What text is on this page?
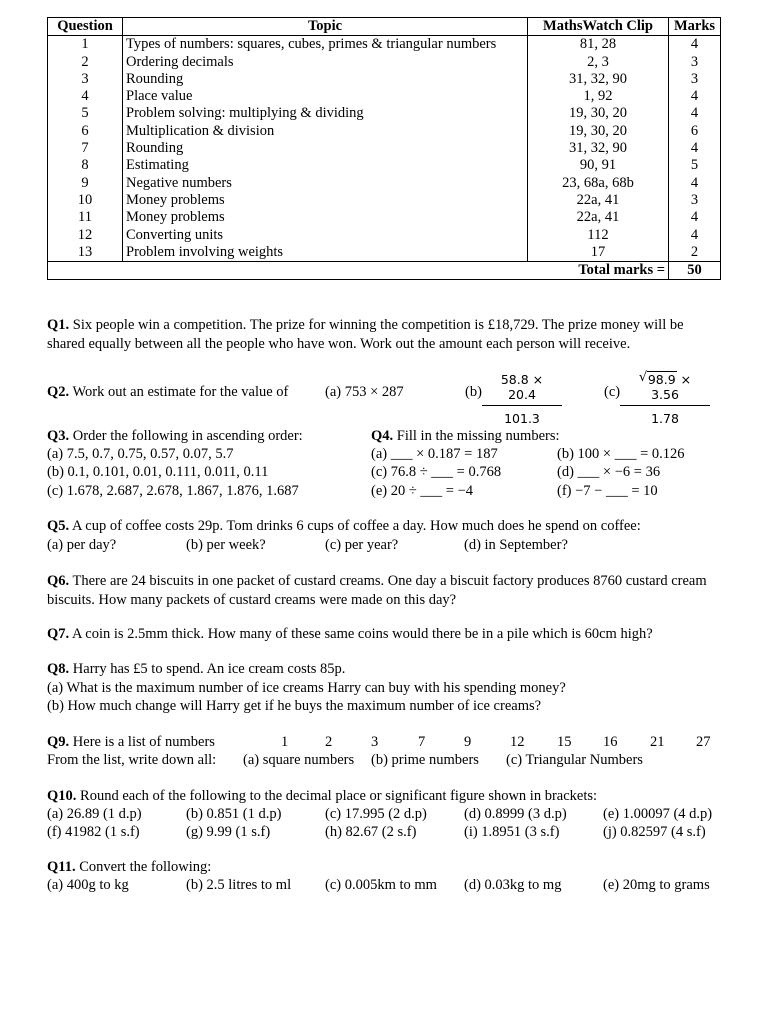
Question	Topic	MathsWatch Clip	Marks
1	Types of numbers: squares, cubes, primes & triangular numbers	81, 28	4
2	Ordering decimals	2, 3	3
3	Rounding	31, 32, 90	3
4	Place value	1, 92	4
5	Problem solving: multiplying & dividing	19, 30, 20	4
6	Multiplication & division	19, 30, 20	6
7	Rounding	31, 32, 90	4
8	Estimating	90, 91	5
9	Negative numbers	23, 68a, 68b	4
10	Money problems	22a, 41	3
11	Money problems	22a, 41	4
12	Converting units	112	4
13	Problem involving weights	17	2
		Total marks =	50
Q1. Six people win a competition. The prize for winning the competition is £18,729. The prize money will be shared equally between all the people who have won. Work out the amount each person will receive.
Q2. Work out an estimate for the value of	(a) 753 × 287	$(b) \frac{58.8 \times 20.4}{101.3}$	$(c) \frac{√ 98.9 \times 3.56}{1.78}$
Q3. Order the following in ascending order:
(a) 7.5, 0.7, 0.75, 0.57, 0.07, 5.7
(b) 0.1, 0.101, 0.01, 0.111, 0.011, 0.11
(c) 1.678, 2.687, 2.678, 1.867, 1.876, 1.687
Q4. Fill in the missing numbers:
(a) ___ × 0.187 = 187	(b) 100 × ___ = 0.126
(c) 76.8 ÷ ___ = 0.768	(d) ___ × −6 = 36
(e) 20 ÷ ___ = −4	(f) −7 − ___ = 10
Q5. A cup of coffee costs 29p. Tom drinks 6 cups of coffee a day. How much does he spend on coffee:
(a) per day?	(b) per week?	(c) per year?	(d) in September?
Q6. There are 24 biscuits in one packet of custard creams. One day a biscuit factory produces 8760 custard cream biscuits. How many packets of custard creams were made on this day?
Q7. A coin is 2.5mm thick. How many of these same coins would there be in a pile which is 60cm high?
Q8. Harry has £5 to spend. An ice cream costs 85p.
(a) What is the maximum number of ice creams Harry can buy with his spending money?
(b) How much change will Harry get if he buys the maximum number of ice creams?
Q9. Here is a list of numbers	1	2	3	7	9	12 15 16 21 27
From the list, write down all: (a) square numbers (b) prime numbers (c) Triangular Numbers
Q10. Round each of the following to the decimal place or significant figure shown in brackets:
(a) 26.89 (1 d.p)	(b) 0.851 (1 d.p)	(c) 17.995 (2 d.p)	(d) 0.8999 (3 d.p)	(e) 1.00097 (4 d.p)
(f) 41982 (1 s.f)	(g) 9.99 (1 s.f)	(h) 82.67 (2 s.f)	(i) 1.8951 (3 s.f)	(j) 0.82597 (4 s.f)
Q11. Convert the following:
(a) 400g to kg	(b) 2.5 litres to ml (c) 0.005km to mm (d) 0.03kg to mg	(e) 20mg to grams
